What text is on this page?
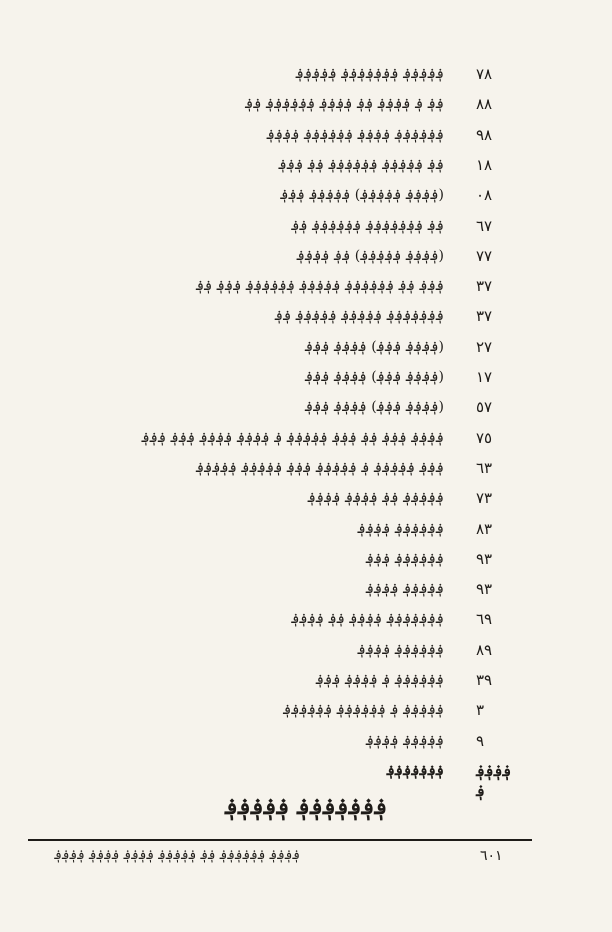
٧٨
؋؋؋؋؋ ؋؋؋؋؋؋؋ ؋؋؋؋؋
٨٨
؋؋ ؋ ؋؋؋؋ ؋؋ ؋؋؋؋ ؋؋؋؋؋؋ ؋؋
٩٨
؋؋؋؋؋؋ ؋؋؋؋ ؋؋؋؋؋؋ ؋؋؋؋
١٨
؋؋ ؋؋؋؋؋ ؋؋؋؋؋؋ ؋؋ ؋؋؋
٠٨
(؋؋؋؋ ؋؋؋؋؋) ؋؋؋؋؋ ؋؋؋
٦٧
؋؋ ؋؋؋؋؋؋؋ ؋؋؋؋؋؋ ؋؋
٧٧
(؋؋؋؋ ؋؋؋؋؋) ؋؋ ؋؋؋؋
٣٧
؋؋؋ ؋؋ ؋؋؋؋؋؋ ؋؋؋؋؋ ؋؋؋؋؋؋ ؋؋؋ ؋؋
٣٧
؋؋؋؋؋؋؋ ؋؋؋؋؋ ؋؋؋؋؋ ؋؋
٢٧
(؋؋؋؋ ؋؋؋) ؋؋؋؋ ؋؋؋
١٧
(؋؋؋؋ ؋؋؋) ؋؋؋؋ ؋؋؋
٥٧
(؋؋؋؋ ؋؋؋) ؋؋؋؋ ؋؋؋
٧٥
؋؋؋؋ ؋؋؋ ؋؋ ؋؋؋ ؋؋؋؋؋ ؋ ؋؋؋؋ ؋؋؋؋ ؋؋؋ ؋؋؋
٦٣
؋؋؋ ؋؋؋؋؋ ؋ ؋؋؋؋؋ ؋؋؋ ؋؋؋؋؋ ؋؋؋؋؋
٧٣
؋؋؋؋؋ ؋؋ ؋؋؋؋ ؋؋؋؋
٨٣
؋؋؋؋؋؋ ؋؋؋؋
٩٣
؋؋؋؋؋؋ ؋؋؋
٩٣
؋؋؋؋؋ ؋؋؋؋
٦٩
؋؋؋؋؋؋؋ ؋؋؋؋ ؋؋ ؋؋؋؋
٨٩
؋؋؋؋؋؋ ؋؋؋؋
٣٩
؋؋؋؋؋؋ ؋ ؋؋؋؋ ؋؋؋
٣
؋؋؋؋؋ ؋ ؋؋؋؋؋؋ ؋؋؋؋؋؋
٩
؋؋؋؋؋ ؋؋؋؋
؋؋؋؋؋
؋؋؋؋؋؋؋
؋؋؋؋؋؋؋ ؋؋؋؋؋
؋؋؋؋ ؋؋؋؋؋؋ ؋؋ ؋؋؋؋؋ ؋؋؋؋ ؋؋؋؋ ؋؋؋؋	٦٠١
